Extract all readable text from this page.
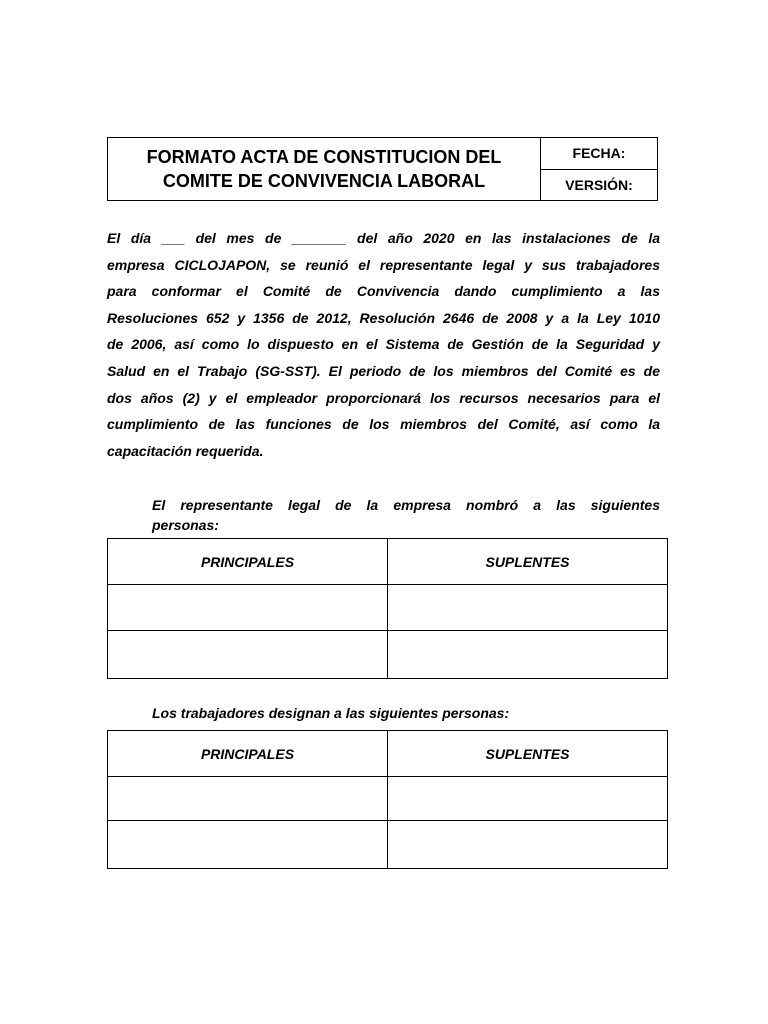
FORMATO ACTA DE CONSTITUCION DEL
COMITE DE CONVIVENCIA LABORAL
FECHA:
VERSIÓN:
El día ___ del mes de _______ del año 2020 en las instalaciones de la
empresa CICLOJAPON, se reunió el representante legal y sus trabajadores
para conformar el Comité de Convivencia dando cumplimiento a las
Resoluciones 652 y 1356 de 2012, Resolución 2646 de 2008 y a la Ley 1010
de 2006, así como lo dispuesto en el Sistema de Gestión de la Seguridad y
Salud en el Trabajo (SG-SST). El periodo de los miembros del Comité es de
dos años (2) y el empleador proporcionará los recursos necesarios para el
cumplimiento de las funciones de los miembros del Comité, así como la
capacitación requerida.
El representante legal de la empresa nombró a las siguientes
personas:
PRINCIPALES	SUPLENTES

Los trabajadores designan a las siguientes personas:
PRINCIPALES	SUPLENTES
